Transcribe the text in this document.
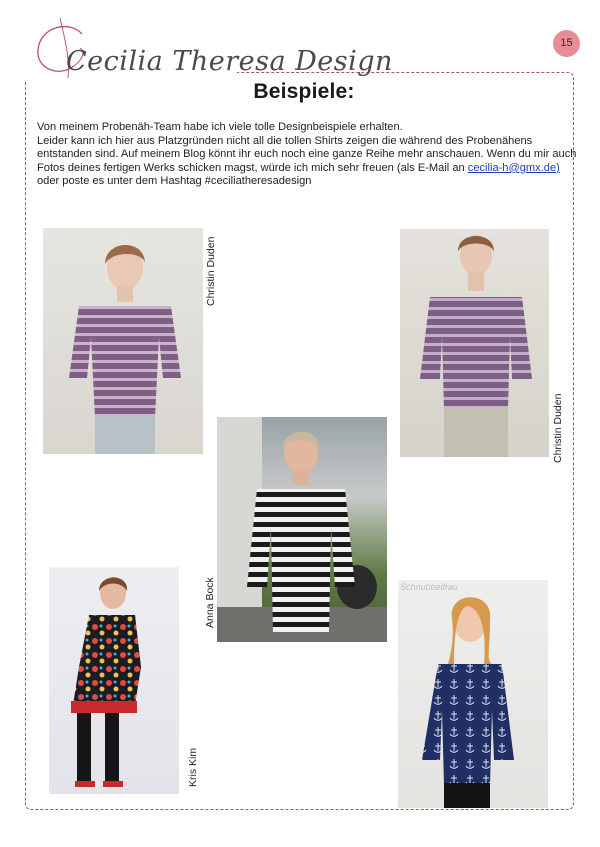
Cecilia Theresa Design
15
Beispiele:

Von meinem Probenäh-Team habe ich viele tolle Designbeispiele erhalten.

Leider kann ich hier aus Platzgründen nicht all die tollen Shirts zeigen die während des Probenähens entstanden sind. Auf meinem Blog könnt ihr euch noch eine ganze Reihe mehr anschauen. Wenn du mir auch Fotos deines fertigen Werks schicken magst, würde ich mich sehr freuen (als E-Mail an cecilia-h@gmx.de) oder poste es unter dem Hashtag #ceciliatheresadesign

Christin Duden
Christin Duden
Anna Bock
Kris Kim
Schnubbelfrau
